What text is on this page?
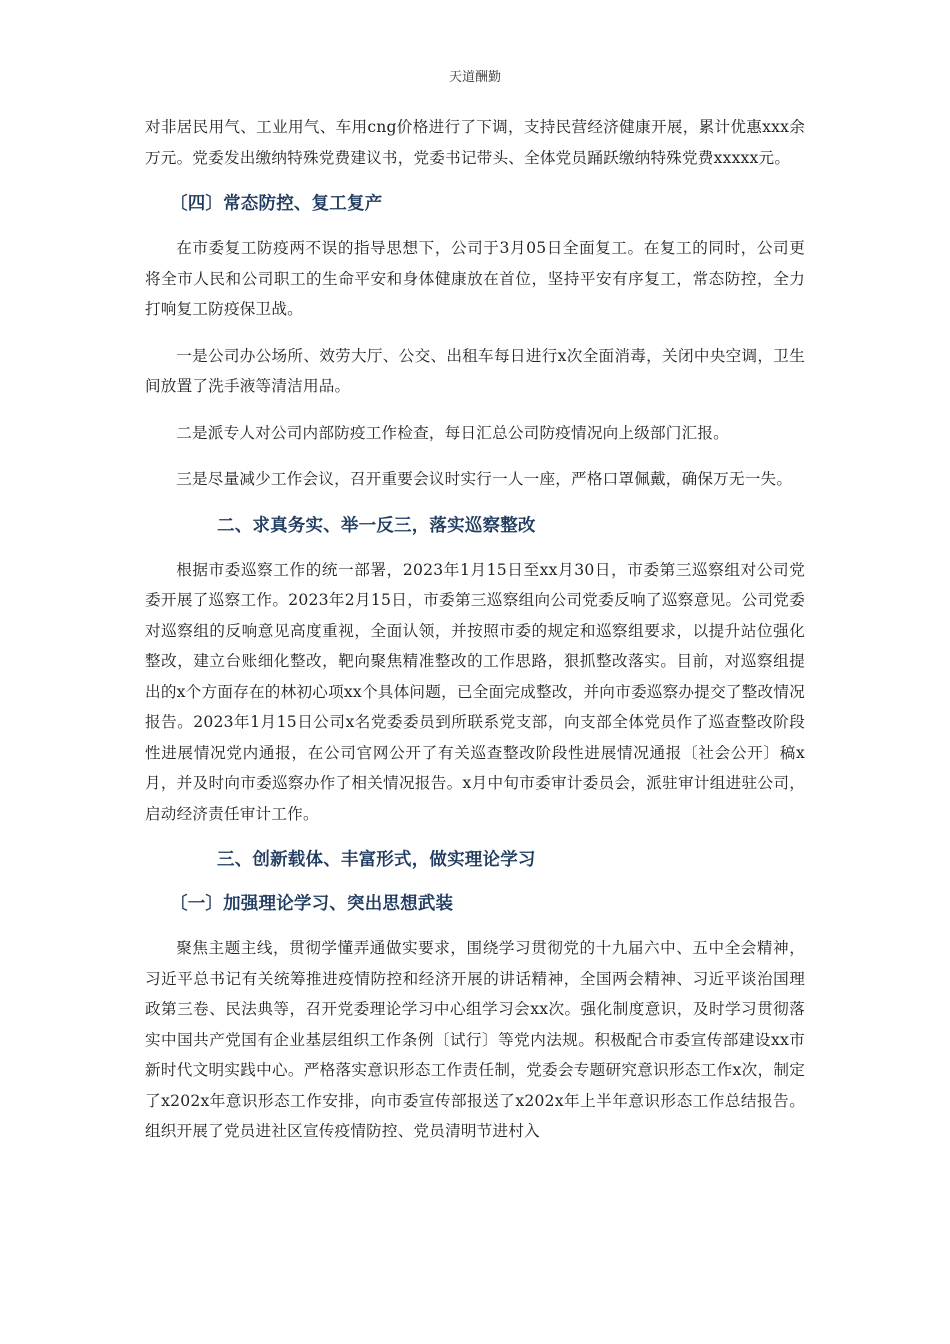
天道酬勤

对非居民用气、工业用气、车用cng价格进行了下调，支持民营经济健康开展，累计优惠xxx余万元。党委发出缴纳特殊党费建议书，党委书记带头、全体党员踊跃缴纳特殊党费xxxxx元。

〔四〕常态防控、复工复产

在市委复工防疫两不误的指导思想下，公司于3月05日全面复工。在复工的同时，公司更将全市人民和公司职工的生命平安和身体健康放在首位，坚持平安有序复工，常态防控，全力打响复工防疫保卫战。

一是公司办公场所、效劳大厅、公交、出租车每日进行x次全面消毒，关闭中央空调，卫生间放置了洗手液等清洁用品。

二是派专人对公司内部防疫工作检查，每日汇总公司防疫情况向上级部门汇报。

三是尽量减少工作会议，召开重要会议时实行一人一座，严格口罩佩戴，确保万无一失。

二、求真务实、举一反三，落实巡察整改

根据市委巡察工作的统一部署，2023年1月15日至xx月30日，市委第三巡察组对公司党委开展了巡察工作。2023年2月15日，市委第三巡察组向公司党委反响了巡察意见。公司党委对巡察组的反响意见高度重视，全面认领，并按照市委的规定和巡察组要求，以提升站位强化整改，建立台账细化整改，靶向聚焦精准整改的工作思路，狠抓整改落实。目前，对巡察组提出的x个方面存在的林初心项xx个具体问题，已全面完成整改，并向市委巡察办提交了整改情况报告。2023年1月15日公司x名党委委员到所联系党支部，向支部全体党员作了巡查整改阶段性进展情况党内通报，在公司官网公开了有关巡查整改阶段性进展情况通报〔社会公开〕稿x月，并及时向市委巡察办作了相关情况报告。x月中旬市委审计委员会，派驻审计组进驻公司，启动经济责任审计工作。

三、创新载体、丰富形式，做实理论学习
〔一〕加强理论学习、突出思想武装

聚焦主题主线，贯彻学懂弄通做实要求，围绕学习贯彻党的十九届六中、五中全会精神，习近平总书记有关统筹推进疫情防控和经济开展的讲话精神，全国两会精神、习近平谈治国理政第三卷、民法典等，召开党委理论学习中心组学习会xx次。强化制度意识，及时学习贯彻落实中国共产党国有企业基层组织工作条例〔试行〕等党内法规。积极配合市委宣传部建设xx市新时代文明实践中心。严格落实意识形态工作责任制，党委会专题研究意识形态工作x次，制定了x202x年意识形态工作安排，向市委宣传部报送了x202x年上半年意识形态工作总结报告。组织开展了党员进社区宣传疫情防控、党员清明节进村入
